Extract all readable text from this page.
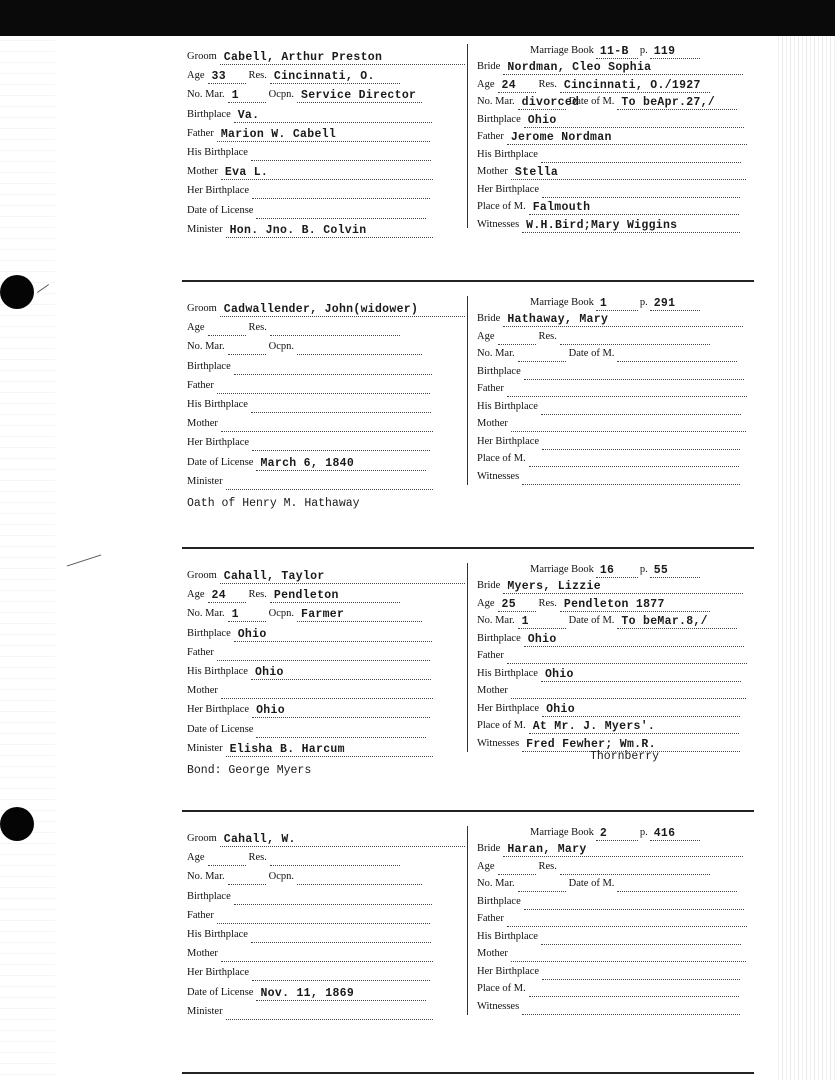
Groom Cabell, Arthur Preston
Age 33 Res. Cincinnati, O.
No. Mar. 1	Ocpn. Service Director
Birthplace Va.
Father Marion W. Cabell
His Birthplace
Mother Eva L.
Her Birthplace
Date of License
Minister Hon. Jno. B. Colvin
Marriage Book 11-B p. 119
Bride Nordman, Cleo Sophia
Age 24 Res. Cincinnati, O./1927
No. Mar. divorced
Date of M. To beApr.27,/
Birthplace Ohio
Father Jerome Nordman
His Birthplace
Mother Stella
Her Birthplace
Place of M. Falmouth
Witnesses W.H.Bird;Mary Wiggins
Groom Cadwallender, John(widower)
Age	Res.
No. Mar.	Ocpn.
Birthplace
Father
His Birthplace
Mother
Her Birthplace
Date of License March 6, 1840
Minister
Marriage Book 1	p. 291
Bride Hathaway, Mary
Age	Res.
No. Mar.	Date of M.
Birthplace
Father
His Birthplace
Mother
Her Birthplace
Place of M.
Witnesses
Oath of Henry M. Hathaway
Groom Cahall, Taylor
Age 24 Res. Pendleton
No. Mar. 1	Ocpn. Farmer
Birthplace Ohio
Father
His Birthplace Ohio
Mother
Her Birthplace Ohio
Date of License
Minister Elisha B. Harcum
Marriage Book 16 p. 55
Bride Myers, Lizzie
Age 25 Res. Pendleton 1877
No. Mar. 1	Date of M. To beMar.8,/
Birthplace Ohio
Father
His Birthplace Ohio
Mother
Her Birthplace Ohio
Place of M. At Mr. J. Myers'.
Witnesses Fred Fewher; Wm.R.
Thornberry
Bond: George Myers
Groom Cahall, W.
Age	Res.
No. Mar.	Ocpn.
Birthplace
Father
His Birthplace
Mother
Her Birthplace
Date of License Nov. 11, 1869
Minister
Marriage Book 2	p. 416
Bride Haran, Mary
Age	Res.
No. Mar.	Date of M.
Birthplace
Father
His Birthplace
Mother
Her Birthplace
Place of M.
Witnesses
